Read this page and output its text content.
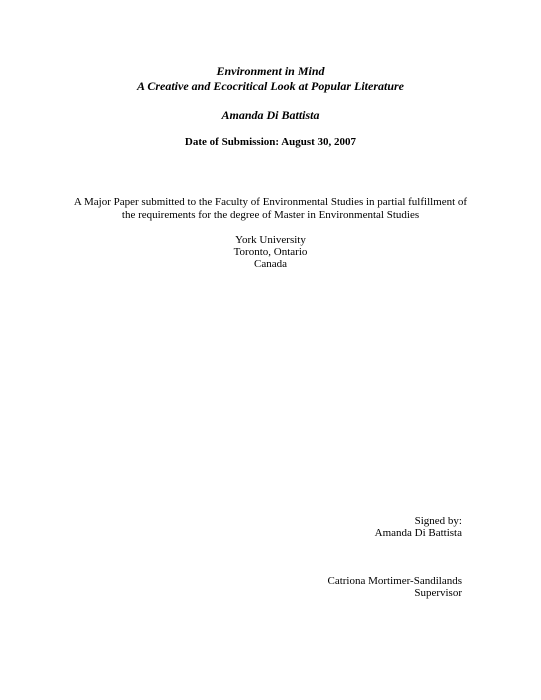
Environment in Mind
A Creative and Ecocritical Look at Popular Literature
Amanda Di Battista
Date of Submission: August 30, 2007
A Major Paper submitted to the Faculty of Environmental Studies in partial fulfillment of
the requirements for the degree of Master in Environmental Studies
York University
Toronto, Ontario
Canada
Signed by:
Amanda Di Battista
Catriona Mortimer-Sandilands
Supervisor
